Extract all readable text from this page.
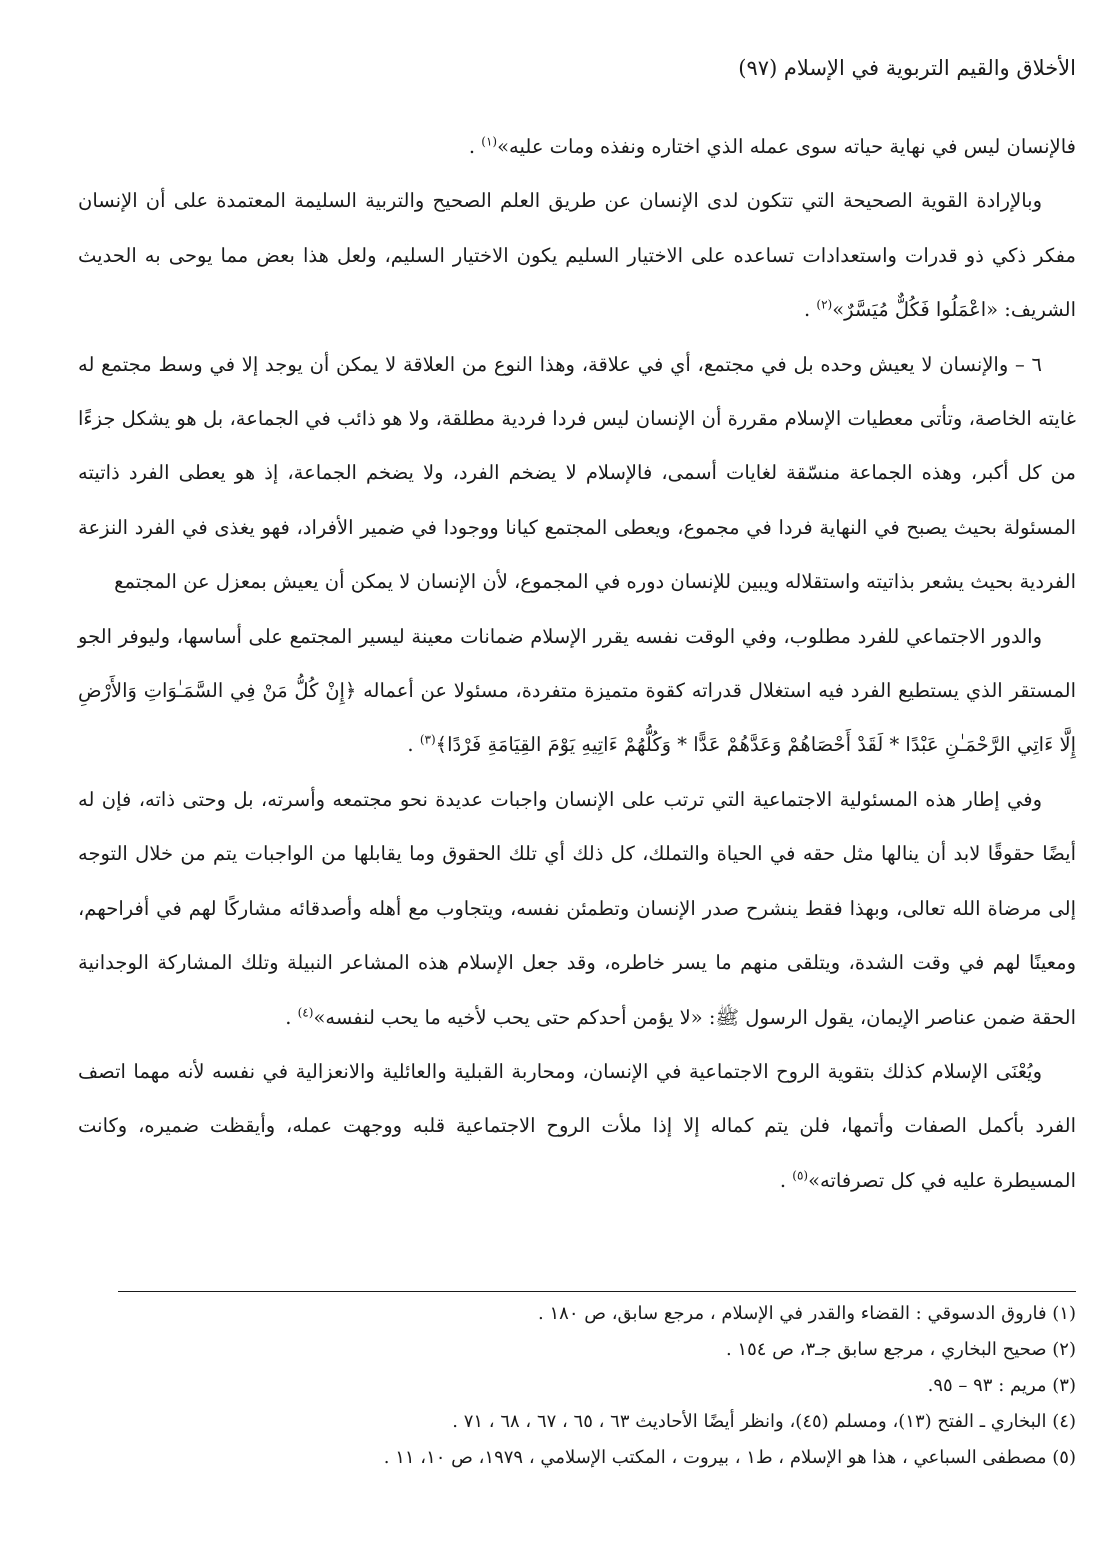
الأخلاق والقيم التربوية في الإسلام (٩٧)

فالإنسان ليس في نهاية حياته سوى عمله الذي اختاره ونفذه ومات عليه»$^{(١)}$ .

وبالإرادة القوية الصحيحة التي تتكون لدى الإنسان عن طريق العلم الصحيح والتربية السليمة المعتمدة على أن الإنسان مفكر ذكي ذو قدرات واستعدادات تساعده على الاختيار السليم يكون الاختيار السليم، ولعل هذا بعض مما يوحى به الحديث الشريف: «اعْمَلُوا فَكُلٌّ مُيَسَّرٌ»$^{(٢)}$ .

٦ – والإنسان لا يعيش وحده بل في مجتمع، أي في علاقة، وهذا النوع من العلاقة لا يمكن أن يوجد إلا في وسط مجتمع له غايته الخاصة، وتأتى معطيات الإسلام مقررة أن الإنسان ليس فردا فردية مطلقة، ولا هو ذائب في الجماعة، بل هو يشكل جزءًا من كل أكبر، وهذه الجماعة منسّقة لغايات أسمى، فالإسلام لا يضخم الفرد، ولا يضخم الجماعة، إذ هو يعطى الفرد ذاتيته المسئولة بحيث يصبح في النهاية فردا في مجموع، ويعطى المجتمع كيانا ووجودا في ضمير الأفراد، فهو يغذى في الفرد النزعة الفردية بحيث يشعر بذاتيته واستقلاله ويبين للإنسان دوره في المجموع، لأن الإنسان لا يمكن أن يعيش بمعزل عن المجتمع

والدور الاجتماعي للفرد مطلوب، وفي الوقت نفسه يقرر الإسلام ضمانات معينة ليسير المجتمع على أساسها، وليوفر الجو المستقر الذي يستطيع الفرد فيه استغلال قدراته كقوة متميزة متفردة، مسئولا عن أعماله ﴿إِنْ كُلُّ مَنْ فِي السَّمَـٰوَاتِ وَالأَرْضِ إِلَّا ءَاتِي الرَّحْمَـٰنِ عَبْدًا * لَقَدْ أَحْصَاهُمْ وَعَدَّهُمْ عَدًّا * وَكُلُّهُمْ ءَاتِيهِ يَوْمَ القِيَامَةِ فَرْدًا﴾$^{(٣)}$ .

وفي إطار هذه المسئولية الاجتماعية التي ترتب على الإنسان واجبات عديدة نحو مجتمعه وأسرته، بل وحتى ذاته، فإن له أيضًا حقوقًا لابد أن ينالها مثل حقه في الحياة والتملك، كل ذلك أي تلك الحقوق وما يقابلها من الواجبات يتم من خلال التوجه إلى مرضاة الله تعالى، وبهذا فقط ينشرح صدر الإنسان وتطمئن نفسه، ويتجاوب مع أهله وأصدقائه مشاركًا لهم في أفراحهم، ومعينًا لهم في وقت الشدة، ويتلقى منهم ما يسر خاطره، وقد جعل الإسلام هذه المشاعر النبيلة وتلك المشاركة الوجدانية الحقة ضمن عناصر الإيمان، يقول الرسول ﷺ: «لا يؤمن أحدكم حتى يحب لأخيه ما يحب لنفسه»$^{(٤)}$ .

ويُعْنَى الإسلام كذلك بتقوية الروح الاجتماعية في الإنسان، ومحاربة القبلية والعائلية والانعزالية في نفسه لأنه مهما اتصف الفرد بأكمل الصفات وأتمها، فلن يتم كماله إلا إذا ملأت الروح الاجتماعية قلبه ووجهت عمله، وأيقظت ضميره، وكانت المسيطرة عليه في كل تصرفاته»$^{(٥)}$ .

(١) فاروق الدسوقي : القضاء والقدر في الإسلام ، مرجع سابق، ص ١٨٠ .
(٢) صحيح البخاري ، مرجع سابق جـ٣، ص ١٥٤ .
(٣) مريم : ٩٣ – ٩٥.
(٤) البخاري ـ الفتح (١٣)، ومسلم (٤٥)، وانظر أيضًا الأحاديث ٦٣ ، ٦٥ ، ٦٧ ، ٦٨ ، ٧١ .
(٥) مصطفى السباعي ، هذا هو الإسلام ، ط١ ، بيروت ، المكتب الإسلامي ، ١٩٧٩، ص ١٠، ١١ .
